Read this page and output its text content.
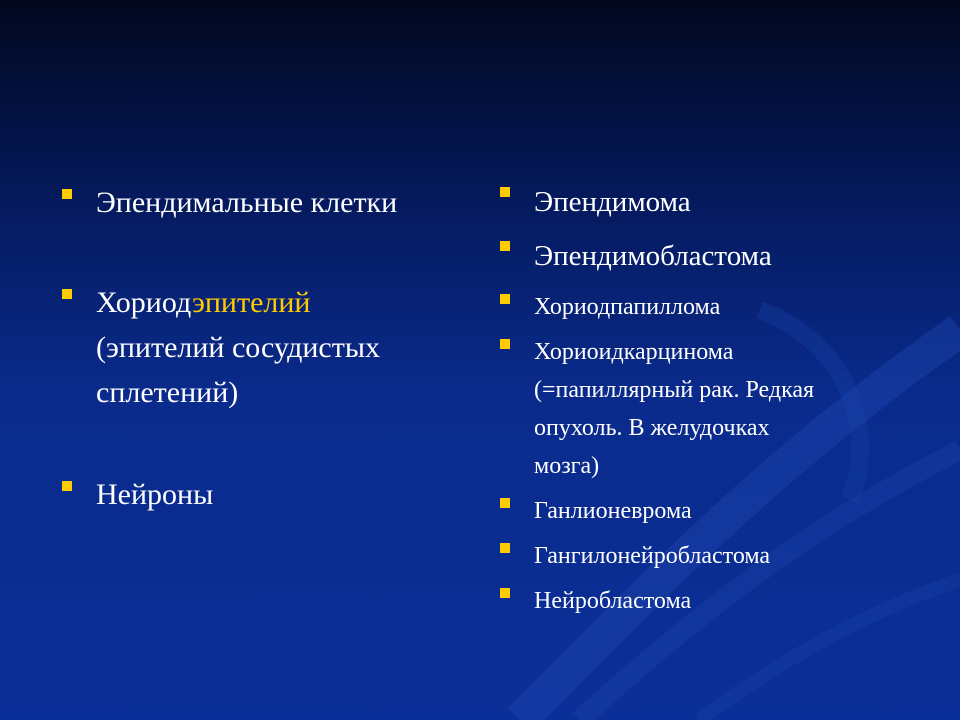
Эпендимальные клетки
Хориодэпителий
(эпителий сосудистых
сплетений)
Нейроны
Эпендимома
Эпендимобластома
Хориодпапиллома
Хориоидкарцинома
(=папиллярный рак. Редкая
опухоль. В желудочках
мозга)
Ганлионеврома
Гангилонейробластома
Нейробластома
